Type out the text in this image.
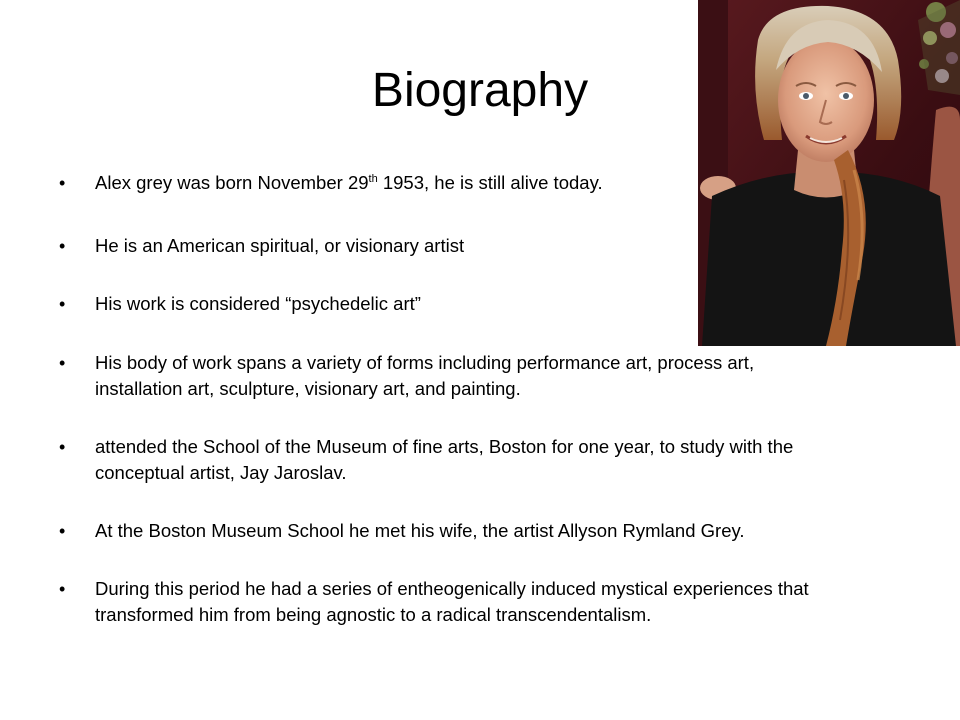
Biography
• Alex grey was born November 29th 1953, he is still alive today.
• He is an American spiritual, or visionary artist
• His work is considered “psychedelic art”
• His body of work spans a variety of forms including performance art, process art,
installation art, sculpture, visionary art, and painting.
• attended the School of the Museum of fine arts, Boston for one year, to study with the
conceptual artist, Jay Jaroslav.
• At the Boston Museum School he met his wife, the artist Allyson Rymland Grey.
• During this period he had a series of entheogenically induced mystical experiences that
transformed him from being agnostic to a radical transcendentalism.
